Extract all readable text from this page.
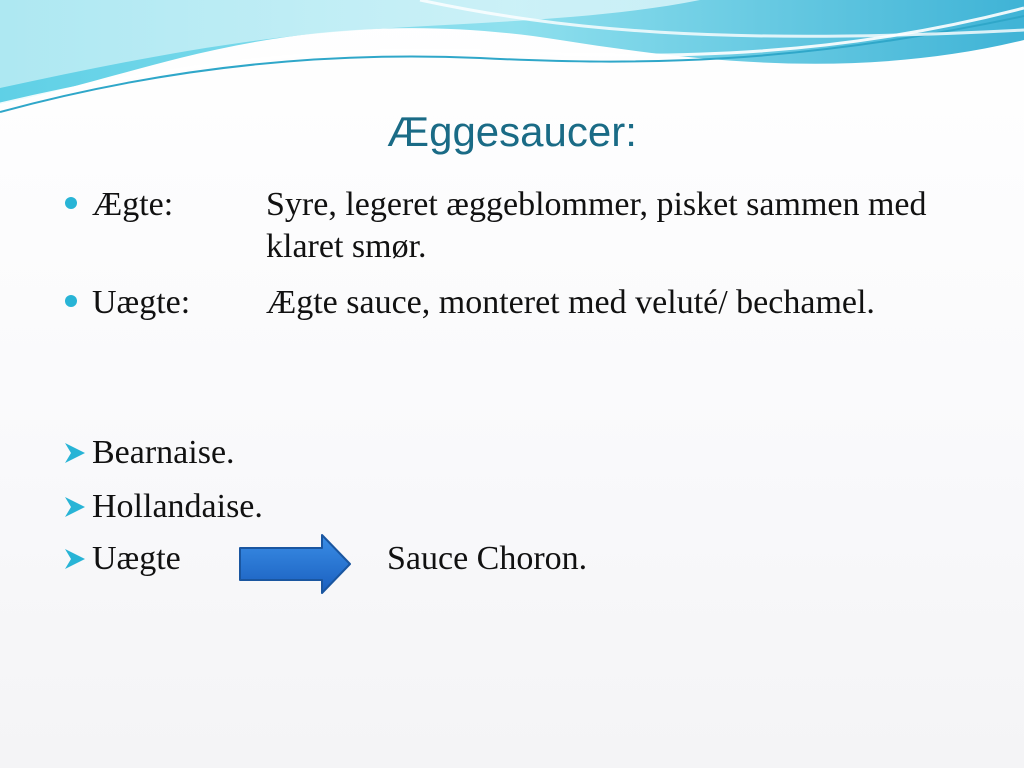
Æggesaucer:
Ægte:	Syre, legeret æggeblommer, pisket sammen med klaret smør.
Uægte: Ægte sauce, monteret med veluté/ bechamel.
Bearnaise.
Hollandaise.
Uægte	Sauce Choron.
